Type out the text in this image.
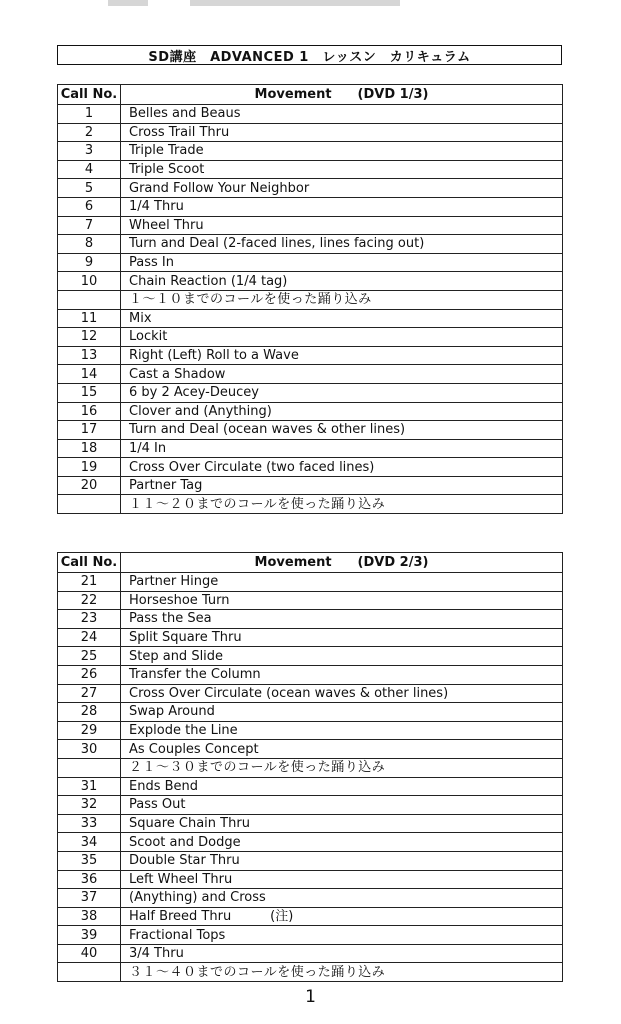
SD講座　ADVANCED 1　レッスン　カリキュラム
Call No.	Movement (DVD 1/3)
1	Belles and Beaus
2	Cross Trail Thru
3	Triple Trade
4	Triple Scoot
5	Grand Follow Your Neighbor
6	1/4 Thru
7	Wheel Thru
8	Turn and Deal (2-faced lines, lines facing out)
9	Pass In
10	Chain Reaction (1/4 tag)
	１～１０までのコールを使った踊り込み
11	Mix
12	Lockit
13	Right (Left) Roll to a Wave
14	Cast a Shadow
15	6 by 2 Acey-Deucey
16	Clover and (Anything)
17	Turn and Deal (ocean waves & other lines)
18	1/4 In
19	Cross Over Circulate (two faced lines)
20	Partner Tag
	１１～２０までのコールを使った踊り込み
Call No.	Movement (DVD 2/3)
21	Partner Hinge
22	Horseshoe Turn
23	Pass the Sea
24	Split Square Thru
25	Step and Slide
26	Transfer the Column
27	Cross Over Circulate (ocean waves & other lines)
28	Swap Around
29	Explode the Line
30	As Couples Concept
	２１～３０までのコールを使った踊り込み
31	Ends Bend
32	Pass Out
33	Square Chain Thru
34	Scoot and Dodge
35	Double Star Thru
36	Left Wheel Thru
37	(Anything) and Cross
38	Half Breed Thru　　　(注)
39	Fractional Tops
40	3/4 Thru
	３１～４０までのコールを使った踊り込み
1
